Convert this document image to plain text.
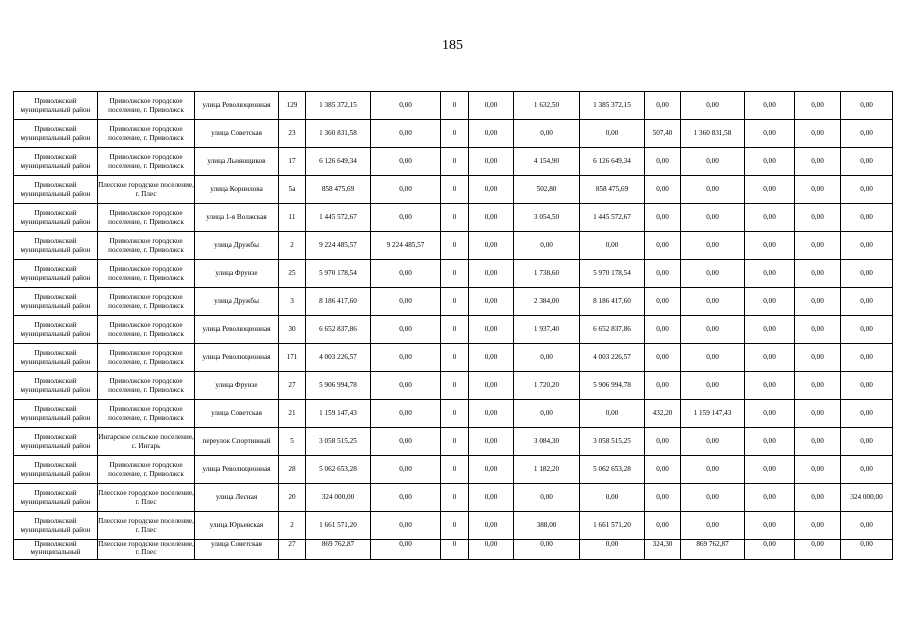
185
Приволжский муниципальный район	Приволжское городское поселение, г. Приволжск	улица Революционная	129	1 385 372,15	0,00	0	0,00	1 632,50	1 385 372,15	0,00	0,00	0,00	0,00	0,00
Приволжский муниципальный район	Приволжское городское поселение, г. Приволжск	улица Советская	23	1 360 831,58	0,00	0	0,00	0,00	0,00	507,40	1 360 831,58	0,00	0,00	0,00
Приволжский муниципальный район	Приволжское городское поселение, г. Приволжск	улица Льнянщиков	17	6 126 649,34	0,00	0	0,00	4 154,90	6 126 649,34	0,00	0,00	0,00	0,00	0,00
Приволжский муниципальный район	Плесское городское поселение, г. Плес	улица Корнилова	5а	858 475,69	0,00	0	0,00	502,80	858 475,69	0,00	0,00	0,00	0,00	0,00
Приволжский муниципальный район	Приволжское городское поселение, г. Приволжск	улица 1-я Волжская	11	1 445 572,67	0,00	0	0,00	3 054,50	1 445 572,67	0,00	0,00	0,00	0,00	0,00
Приволжский муниципальный район	Приволжское городское поселение, г. Приволжск	улица Дружбы	2	9 224 485,57	9 224 485,57	0	0,00	0,00	0,00	0,00	0,00	0,00	0,00	0,00
Приволжский муниципальный район	Приволжское городское поселение, г. Приволжск	улица Фрунзе	25	5 970 178,54	0,00	0	0,00	1 738,60	5 970 178,54	0,00	0,00	0,00	0,00	0,00
Приволжский муниципальный район	Приволжское городское поселение, г. Приволжск	улица Дружбы	3	8 186 417,60	0,00	0	0,00	2 384,00	8 186 417,60	0,00	0,00	0,00	0,00	0,00
Приволжский муниципальный район	Приволжское городское поселение, г. Приволжск	улица Революционная	30	6 652 837,86	0,00	0	0,00	1 937,40	6 652 837,86	0,00	0,00	0,00	0,00	0,00
Приволжский муниципальный район	Приволжское городское поселение, г. Приволжск	улица Революционная	171	4 003 226,57	0,00	0	0,00	0,00	4 003 226,57	0,00	0,00	0,00	0,00	0,00
Приволжский муниципальный район	Приволжское городское поселение, г. Приволжск	улица Фрунзе	27	5 906 994,78	0,00	0	0,00	1 720,20	5 906 994,78	0,00	0,00	0,00	0,00	0,00
Приволжский муниципальный район	Приволжское городское поселение, г. Приволжск	улица Советская	21	1 159 147,43	0,00	0	0,00	0,00	0,00	432,20	1 159 147,43	0,00	0,00	0,00
Приволжский муниципальный район	Ингарское сельское поселение, с. Ингарь	переулок Спортивный	5	3 058 515,25	0,00	0	0,00	3 084,30	3 058 515,25	0,00	0,00	0,00	0,00	0,00
Приволжский муниципальный район	Приволжское городское поселение, г. Приволжск	улица Революционная	28	5 062 653,28	0,00	0	0,00	1 182,20	5 062 653,28	0,00	0,00	0,00	0,00	0,00
Приволжский муниципальный район	Плесское городское поселение, г. Плес	улица Лесная	20	324 000,00	0,00	0	0,00	0,00	0,00	0,00	0,00	0,00	0,00	324 000,00
Приволжский муниципальный район	Плесское городское поселение, г. Плес	улица Юрьевская	2	1 661 571,20	0,00	0	0,00	388,00	1 661 571,20	0,00	0,00	0,00	0,00	0,00
Приволжский муниципальный	Плесское городское поселение, г. Плес	улица Советская	27	869 762,87	0,00	0	0,00	0,00	0,00	324,30	869 762,87	0,00	0,00	0,00
